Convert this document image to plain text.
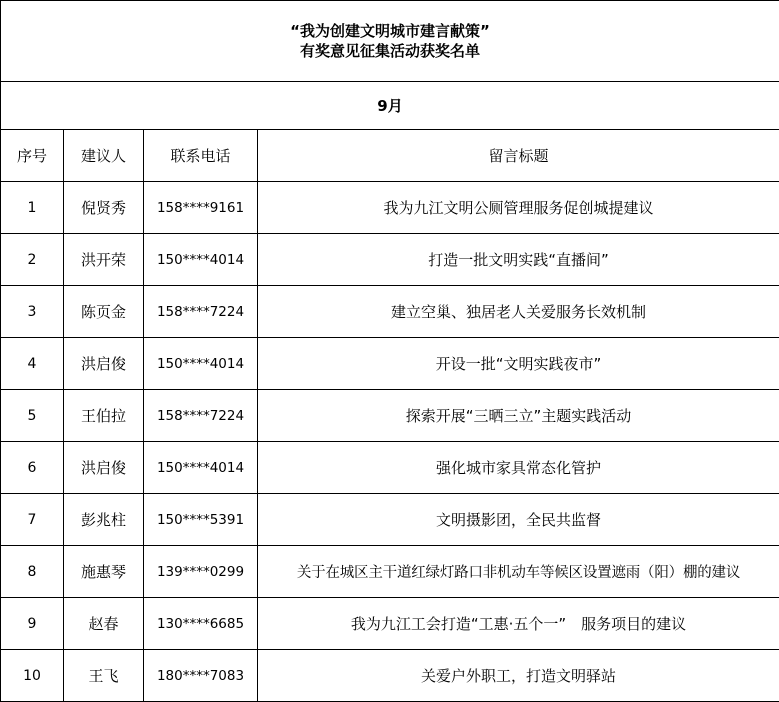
“我为创建文明城市建言献策”
有奖意见征集活动获奖名单			

9月			
序号	建议人	联系电话	留言标题
1	倪贤秀	158****9161	我为九江文明公厕管理服务促创城提建议
2	洪开荣	150****4014	打造一批文明实践“直播间”
3	陈页金	158****7224	建立空巢、独居老人关爱服务长效机制
4	洪启俊	150****4014	开设一批“文明实践夜市”
5	王伯拉	158****7224	探索开展“三晒三立”主题实践活动
6	洪启俊	150****4014	强化城市家具常态化管护
7	彭兆柱	150****5391	文明摄影团，全民共监督
8	施惠琴	139****0299	关于在城区主干道红绿灯路口非机动车等候区设置遮雨（阳）棚的建议
9	赵春	130****6685	我为九江工会打造“工惠·五个一”　服务项目的建议
10	王飞	180****7083	关爱户外职工，打造文明驿站
